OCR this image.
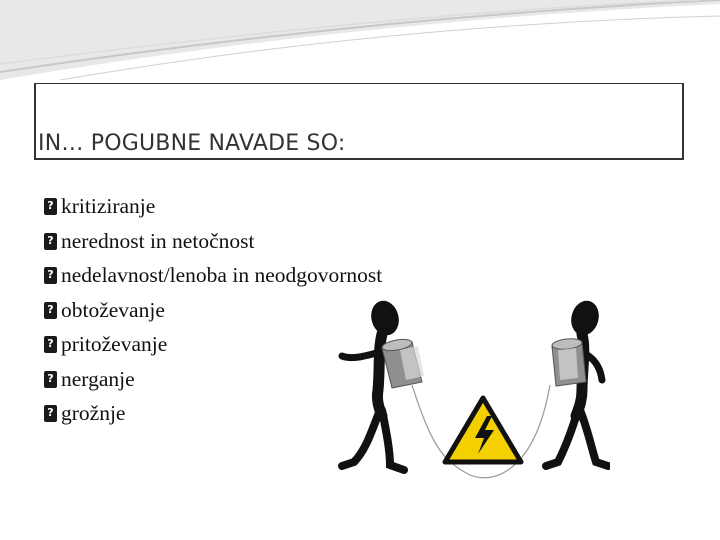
IN… POGUBNE NAVADE SO:
?kritiziranje
?nerednost in netočnost
?nedelavnost/lenoba in neodgovornost
?obtoževanje
?pritoževanje
?nerganje
?grožnje
